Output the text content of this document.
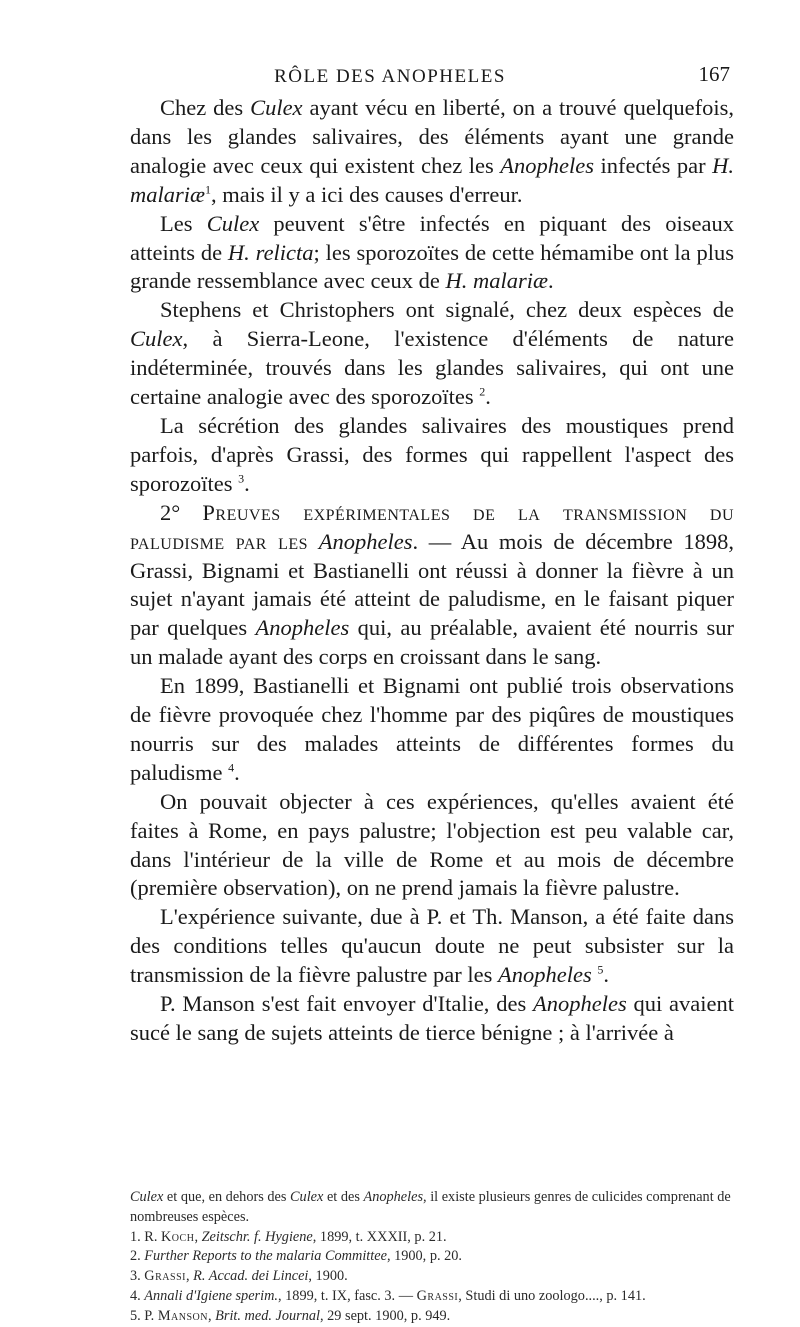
RÔLE DES ANOPHELES	167

Chez des Culex ayant vécu en liberté, on a trouvé quelquefois, dans les glandes salivaires, des éléments ayant une grande analogie avec ceux qui existent chez les Anopheles infectés par H. malariæ$^1$, mais il y a ici des causes d'erreur.

Les Culex peuvent s'être infectés en piquant des oiseaux atteints de H. relicta; les sporozoïtes de cette hémamibe ont la plus grande ressemblance avec ceux de H. malariæ.

Stephens et Christophers ont signalé, chez deux espèces de Culex, à Sierra-Leone, l'existence d'éléments de nature indéterminée, trouvés dans les glandes salivaires, qui ont une certaine analogie avec des sporozoïtes $^2$.

La sécrétion des glandes salivaires des moustiques prend parfois, d'après Grassi, des formes qui rappellent l'aspect des sporozoïtes $^3$.

2° Preuves expérimentales de la transmission du paludisme par les Anopheles. — Au mois de décembre 1898, Grassi, Bignami et Bastianelli ont réussi à donner la fièvre à un sujet n'ayant jamais été atteint de paludisme, en le faisant piquer par quelques Anopheles qui, au préalable, avaient été nourris sur un malade ayant des corps en croissant dans le sang.

En 1899, Bastianelli et Bignami ont publié trois observations de fièvre provoquée chez l'homme par des piqûres de moustiques nourris sur des malades atteints de différentes formes du paludisme $^4$.

On pouvait objecter à ces expériences, qu'elles avaient été faites à Rome, en pays palustre; l'objection est peu valable car, dans l'intérieur de la ville de Rome et au mois de décembre (première observation), on ne prend jamais la fièvre palustre.

L'expérience suivante, due à P. et Th. Manson, a été faite dans des conditions telles qu'aucun doute ne peut subsister sur la transmission de la fièvre palustre par les Anopheles $^5$.

P. Manson s'est fait envoyer d'Italie, des Anopheles qui avaient sucé le sang de sujets atteints de tierce bénigne ; à l'arrivée à

Culex et que, en dehors des Culex et des Anopheles, il existe plusieurs genres de culicides comprenant de nombreuses espèces.

1. R. Koch, Zeitschr. f. Hygiene, 1899, t. XXXII, p. 21.

2. Further Reports to the malaria Committee, 1900, p. 20.

3. Grassi, R. Accad. dei Lincei, 1900.

4. Annali d'Igiene sperim., 1899, t. IX, fasc. 3. — Grassi, Studi di uno zoologo...., p. 141.

5. P. Manson, Brit. med. Journal, 29 sept. 1900, p. 949.
